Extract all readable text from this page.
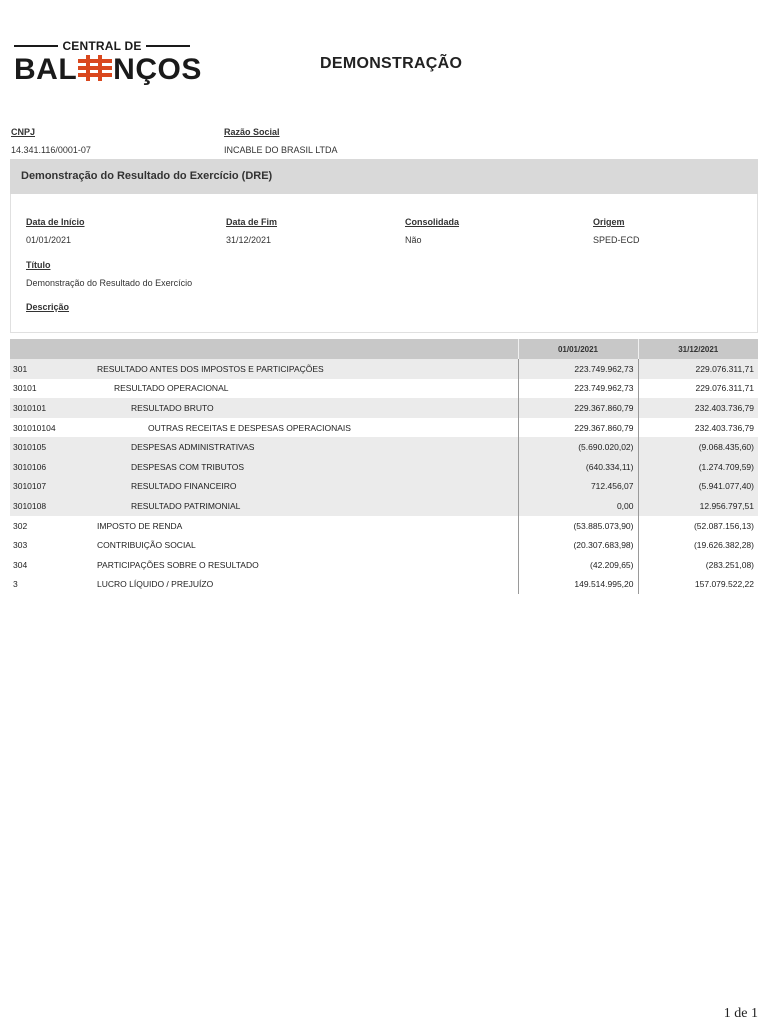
CENTRAL DE
BAL NÇOS	DEMONSTRAÇÃO
CNPJ
14.341.116/0001-07
Razão Social
INCABLE DO BRASIL LTDA
Demonstração do Resultado do Exercício (DRE)
Data de Início
01/01/2021
Data de Fim
31/12/2021
Consolidada
Não
Origem
SPED-ECD
Título
Demonstração do Resultado do Exercício
Descrição
		01/01/2021	31/12/2021
301	RESULTADO ANTES DOS IMPOSTOS E PARTICIPAÇÕES	223.749.962,73	229.076.311,71
30101	RESULTADO OPERACIONAL	223.749.962,73	229.076.311,71
3010101	RESULTADO BRUTO	229.367.860,79	232.403.736,79
301010104	OUTRAS RECEITAS E DESPESAS OPERACIONAIS	229.367.860,79	232.403.736,79
3010105	DESPESAS ADMINISTRATIVAS	(5.690.020,02)	(9.068.435,60)
3010106	DESPESAS COM TRIBUTOS	(640.334,11)	(1.274.709,59)
3010107	RESULTADO FINANCEIRO	712.456,07	(5.941.077,40)
3010108	RESULTADO PATRIMONIAL	0,00	12.956.797,51
302	IMPOSTO DE RENDA	(53.885.073,90)	(52.087.156,13)
303	CONTRIBUIÇÃO SOCIAL	(20.307.683,98)	(19.626.382,28)
304	PARTICIPAÇÕES SOBRE O RESULTADO	(42.209,65)	(283.251,08)
3	LUCRO LÍQUIDO / PREJUÍZO	149.514.995,20	157.079.522,22
1 de 1
